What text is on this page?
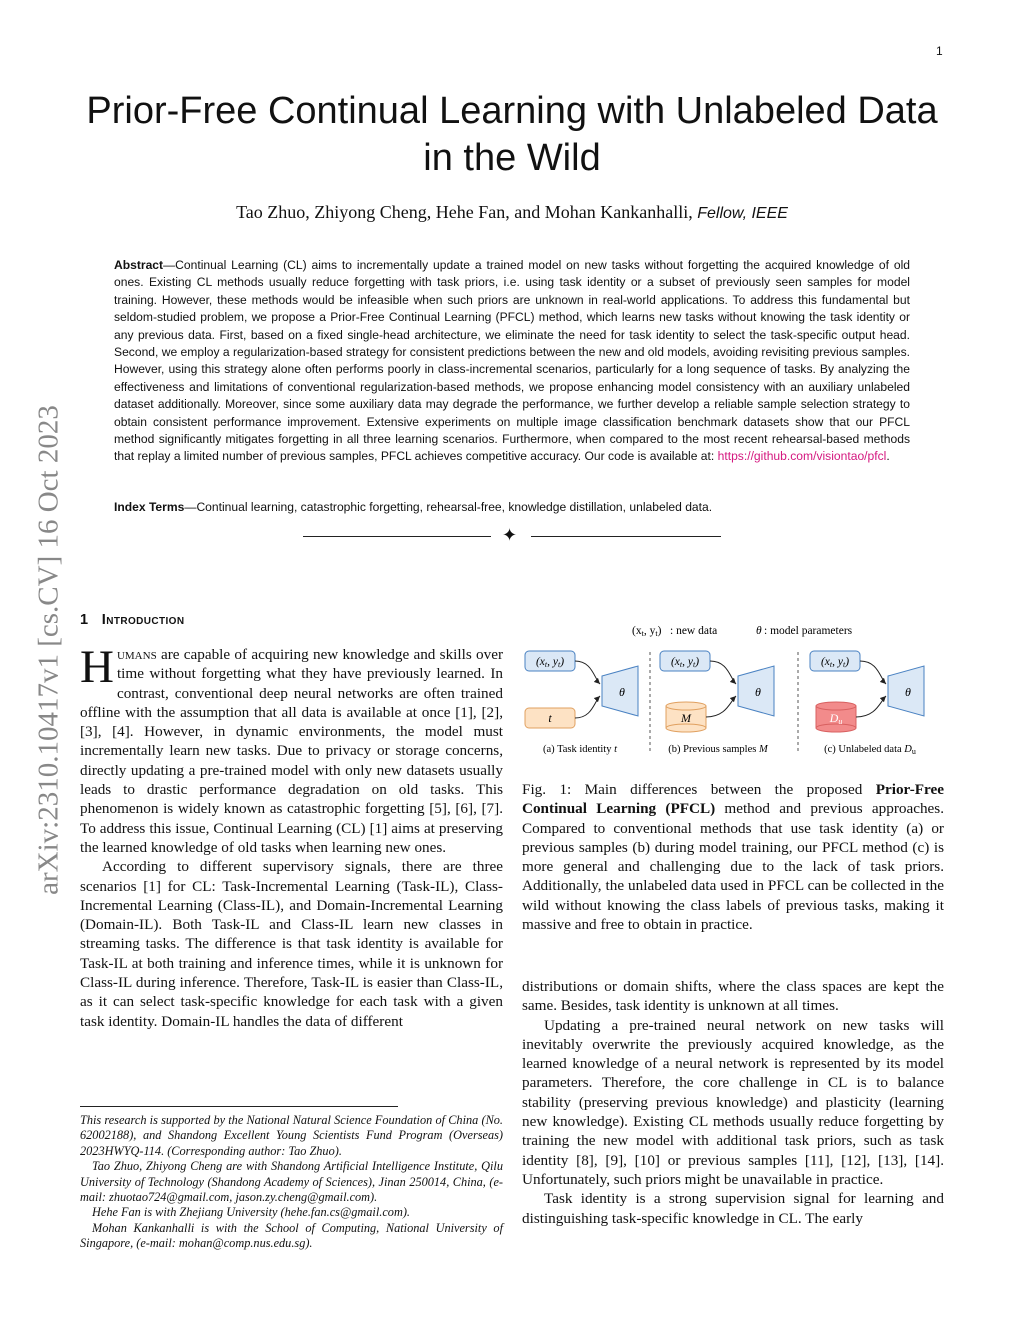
1
Prior-Free Continual Learning with Unlabeled Data in the Wild
Tao Zhuo, Zhiyong Cheng, Hehe Fan, and Mohan Kankanhalli, Fellow, IEEE
arXiv:2310.10417v1 [cs.CV] 16 Oct 2023
Abstract—Continual Learning (CL) aims to incrementally update a trained model on new tasks without forgetting the acquired knowledge of old ones. Existing CL methods usually reduce forgetting with task priors, i.e. using task identity or a subset of previously seen samples for model training. However, these methods would be infeasible when such priors are unknown in real-world applications. To address this fundamental but seldom-studied problem, we propose a Prior-Free Continual Learning (PFCL) method, which learns new tasks without knowing the task identity or any previous data. First, based on a fixed single-head architecture, we eliminate the need for task identity to select the task-specific output head. Second, we employ a regularization-based strategy for consistent predictions between the new and old models, avoiding revisiting previous samples. However, using this strategy alone often performs poorly in class-incremental scenarios, particularly for a long sequence of tasks. By analyzing the effectiveness and limitations of conventional regularization-based methods, we propose enhancing model consistency with an auxiliary unlabeled dataset additionally. Moreover, since some auxiliary data may degrade the performance, we further develop a reliable sample selection strategy to obtain consistent performance improvement. Extensive experiments on multiple image classification benchmark datasets show that our PFCL method significantly mitigates forgetting in all three learning scenarios. Furthermore, when compared to the most recent rehearsal-based methods that replay a limited number of previous samples, PFCL achieves competitive accuracy. Our code is available at: https://github.com/visiontao/pfcl.
Index Terms—Continual learning, catastrophic forgetting, rehearsal-free, knowledge distillation, unlabeled data.
✦
1 Introduction

Humans are capable of acquiring new knowledge and skills over time without forgetting what they have previously learned. In contrast, conventional deep neural networks are often trained offline with the assumption that all data is available at once [1], [2], [3], [4]. However, in dynamic environments, the model must incrementally learn new tasks. Due to privacy or storage concerns, directly updating a pre-trained model with only new datasets usually leads to drastic performance degradation on old tasks. This phenomenon is widely known as catastrophic forgetting [5], [6], [7]. To address this issue, Continual Learning (CL) [1] aims at preserving the learned knowledge of old tasks when learning new ones.

According to different supervisory signals, there are three scenarios [1] for CL: Task-Incremental Learning (Task-IL), Class-Incremental Learning (Class-IL), and Domain-Incremental Learning (Domain-IL). Both Task-IL and Class-IL learn new classes in streaming tasks. The difference is that task identity is available for Task-IL at both training and inference times, while it is unknown for Class-IL during inference. Therefore, Task-IL is easier than Class-IL, as it can select task-specific knowledge for each task with a given task identity. Domain-IL handles the data of different

This research is supported by the National Natural Science Foundation of China (No. 62002188), and Shandong Excellent Young Scientists Fund Program (Overseas) 2023HWYQ-114. (Corresponding author: Tao Zhuo).

Tao Zhuo, Zhiyong Cheng are with Shandong Artificial Intelligence Institute, Qilu University of Technology (Shandong Academy of Sciences), Jinan 250014, China, (e-mail: zhuotao724@gmail.com, jason.zy.cheng@gmail.com).

Hehe Fan is with Zhejiang University (hehe.fan.cs@gmail.com).

Mohan Kankanhalli is with the School of Computing, National University of Singapore, (e-mail: mohan@comp.nus.edu.sg).

(xt, yt) : new data	θ : model parameters
(xt, yt)
t
θ
(a) Task identity t
(xt, yt)
M
θ
(b) Previous samples M
(xt, yt)
Du
θ
(c) Unlabeled data Du
Fig. 1: Main differences between the proposed Prior-Free Continual Learning (PFCL) method and previous approaches. Compared to conventional methods that use task identity (a) or previous samples (b) during model training, our PFCL method (c) is more general and challenging due to the lack of task priors. Additionally, the unlabeled data used in PFCL can be collected in the wild without knowing the class labels of previous tasks, making it massive and free to obtain in practice.

distributions or domain shifts, where the class spaces are kept the same. Besides, task identity is unknown at all times.

Updating a pre-trained neural network on new tasks will inevitably overwrite the previously acquired knowledge, as the learned knowledge of a neural network is represented by its model parameters. Therefore, the core challenge in CL is to balance stability (preserving previous knowledge) and plasticity (learning new knowledge). Existing CL methods usually reduce forgetting by training the new model with additional task priors, such as task identity [8], [9], [10] or previous samples [11], [12], [13], [14]. Unfortunately, such priors might be unavailable in practice.

Task identity is a strong supervision signal for learning and distinguishing task-specific knowledge in CL. The early
